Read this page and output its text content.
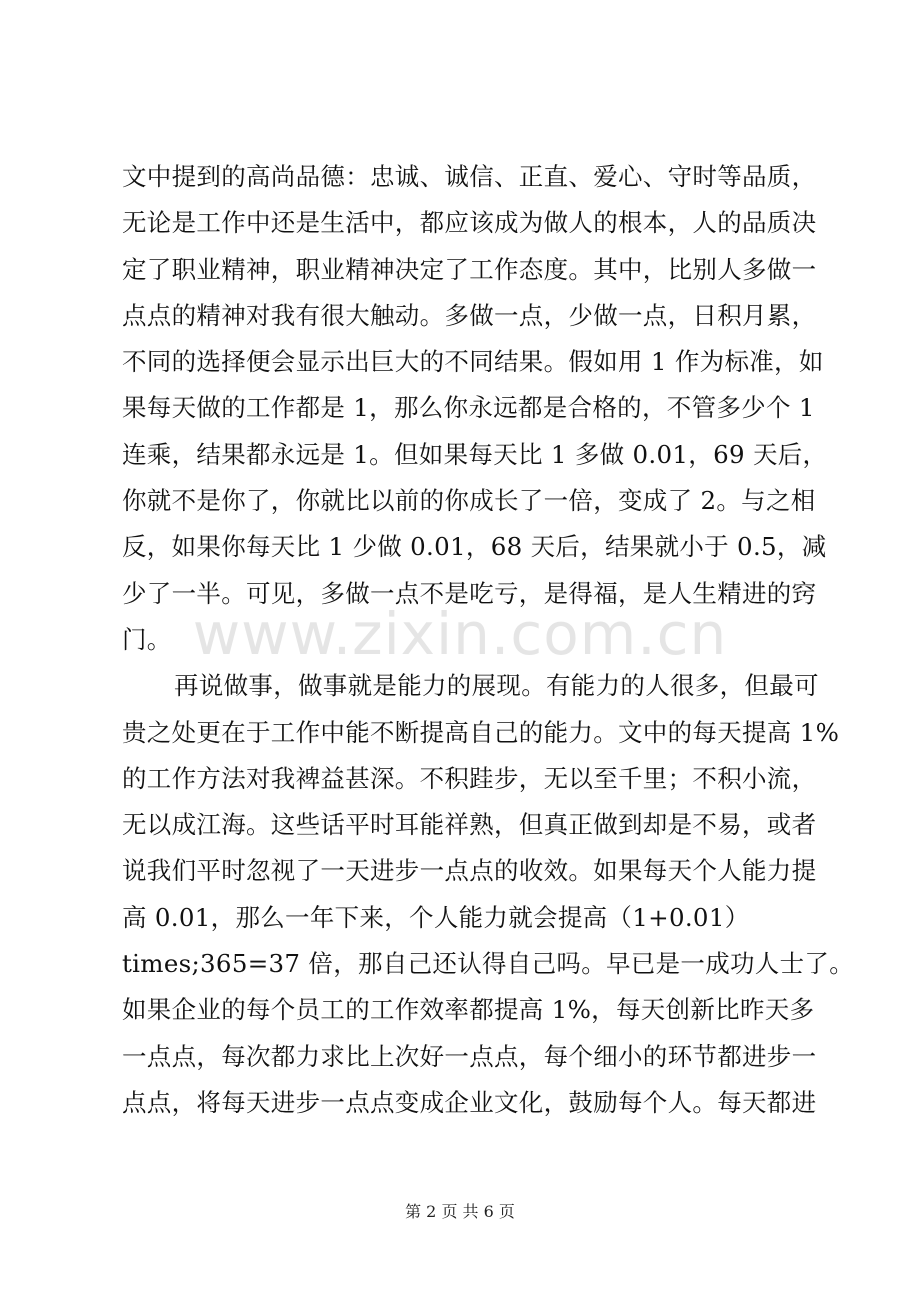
文中提到的高尚品德：忠诚、诚信、正直、爱心、守时等品质，
无论是工作中还是生活中，都应该成为做人的根本，人的品质决
定了职业精神，职业精神决定了工作态度。其中，比别人多做一
点点的精神对我有很大触动。多做一点，少做一点，日积月累，
不同的选择便会显示出巨大的不同结果。假如用 1 作为标准，如
果每天做的工作都是 1，那么你永远都是合格的，不管多少个 1
连乘，结果都永远是 1。但如果每天比 1 多做 0.01，69 天后，
你就不是你了，你就比以前的你成长了一倍，变成了 2。与之相
反，如果你每天比 1 少做 0.01，68 天后，结果就小于 0.5，减
少了一半。可见，多做一点不是吃亏，是得福，是人生精进的窍
门。
再说做事，做事就是能力的展现。有能力的人很多，但最可
贵之处更在于工作中能不断提高自己的能力。文中的每天提高 1%
的工作方法对我裨益甚深。不积跬步，无以至千里；不积小流，
无以成江海。这些话平时耳能祥熟，但真正做到却是不易，或者
说我们平时忽视了一天进步一点点的收效。如果每天个人能力提
高 0.01，那么一年下来，个人能力就会提高（1+0.01）
times;365=37 倍，那自己还认得自己吗。早已是一成功人士了。
如果企业的每个员工的工作效率都提高 1%，每天创新比昨天多
一点点，每次都力求比上次好一点点，每个细小的环节都进步一
点点，将每天进步一点点变成企业文化，鼓励每个人。每天都进
www.zixin.com.cn
第 2 页 共 6 页
